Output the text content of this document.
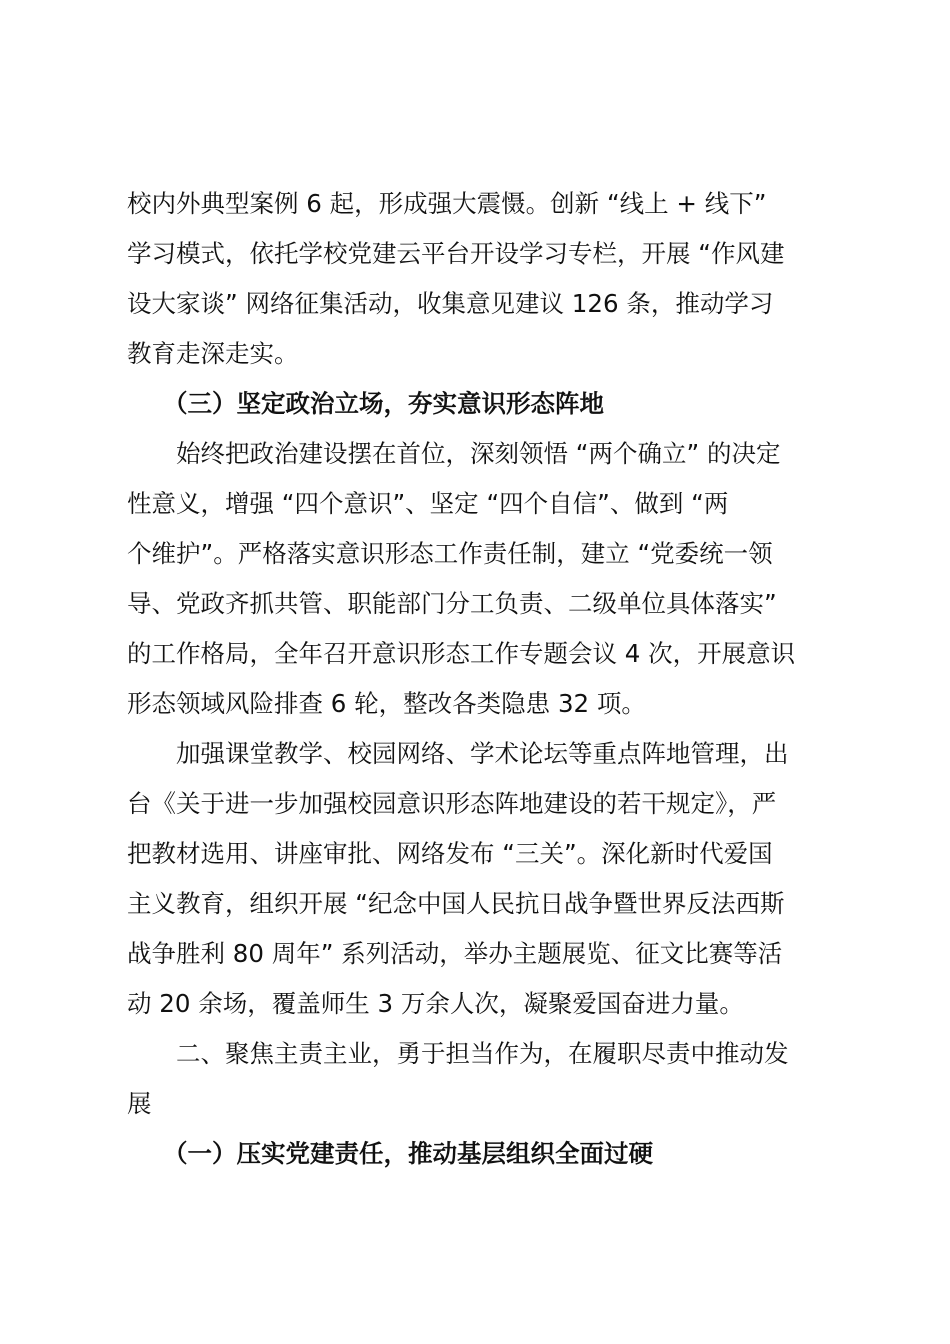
校内外典型案例 6 起，形成强大震慑。创新 “线上 + 线下”
学习模式，依托学校党建云平台开设学习专栏，开展 “作风建
设大家谈” 网络征集活动，收集意见建议 126 条，推动学习
教育走深走实。
（三）坚定政治立场，夯实意识形态阵地
始终把政治建设摆在首位，深刻领悟 “两个确立” 的决定
性意义，增强 “四个意识”、坚定 “四个自信”、做到 “两
个维护”。严格落实意识形态工作责任制，建立 “党委统一领
导、党政齐抓共管、职能部门分工负责、二级单位具体落实”
的工作格局，全年召开意识形态工作专题会议 4 次，开展意识
形态领域风险排查 6 轮，整改各类隐患 32 项。
加强课堂教学、校园网络、学术论坛等重点阵地管理，出
台《关于进一步加强校园意识形态阵地建设的若干规定》，严
把教材选用、讲座审批、网络发布 “三关”。深化新时代爱国
主义教育，组织开展 “纪念中国人民抗日战争暨世界反法西斯
战争胜利 80 周年” 系列活动，举办主题展览、征文比赛等活
动 20 余场，覆盖师生 3 万余人次，凝聚爱国奋进力量。
二、聚焦主责主业，勇于担当作为，在履职尽责中推动发
展
（一）压实党建责任，推动基层组织全面过硬
